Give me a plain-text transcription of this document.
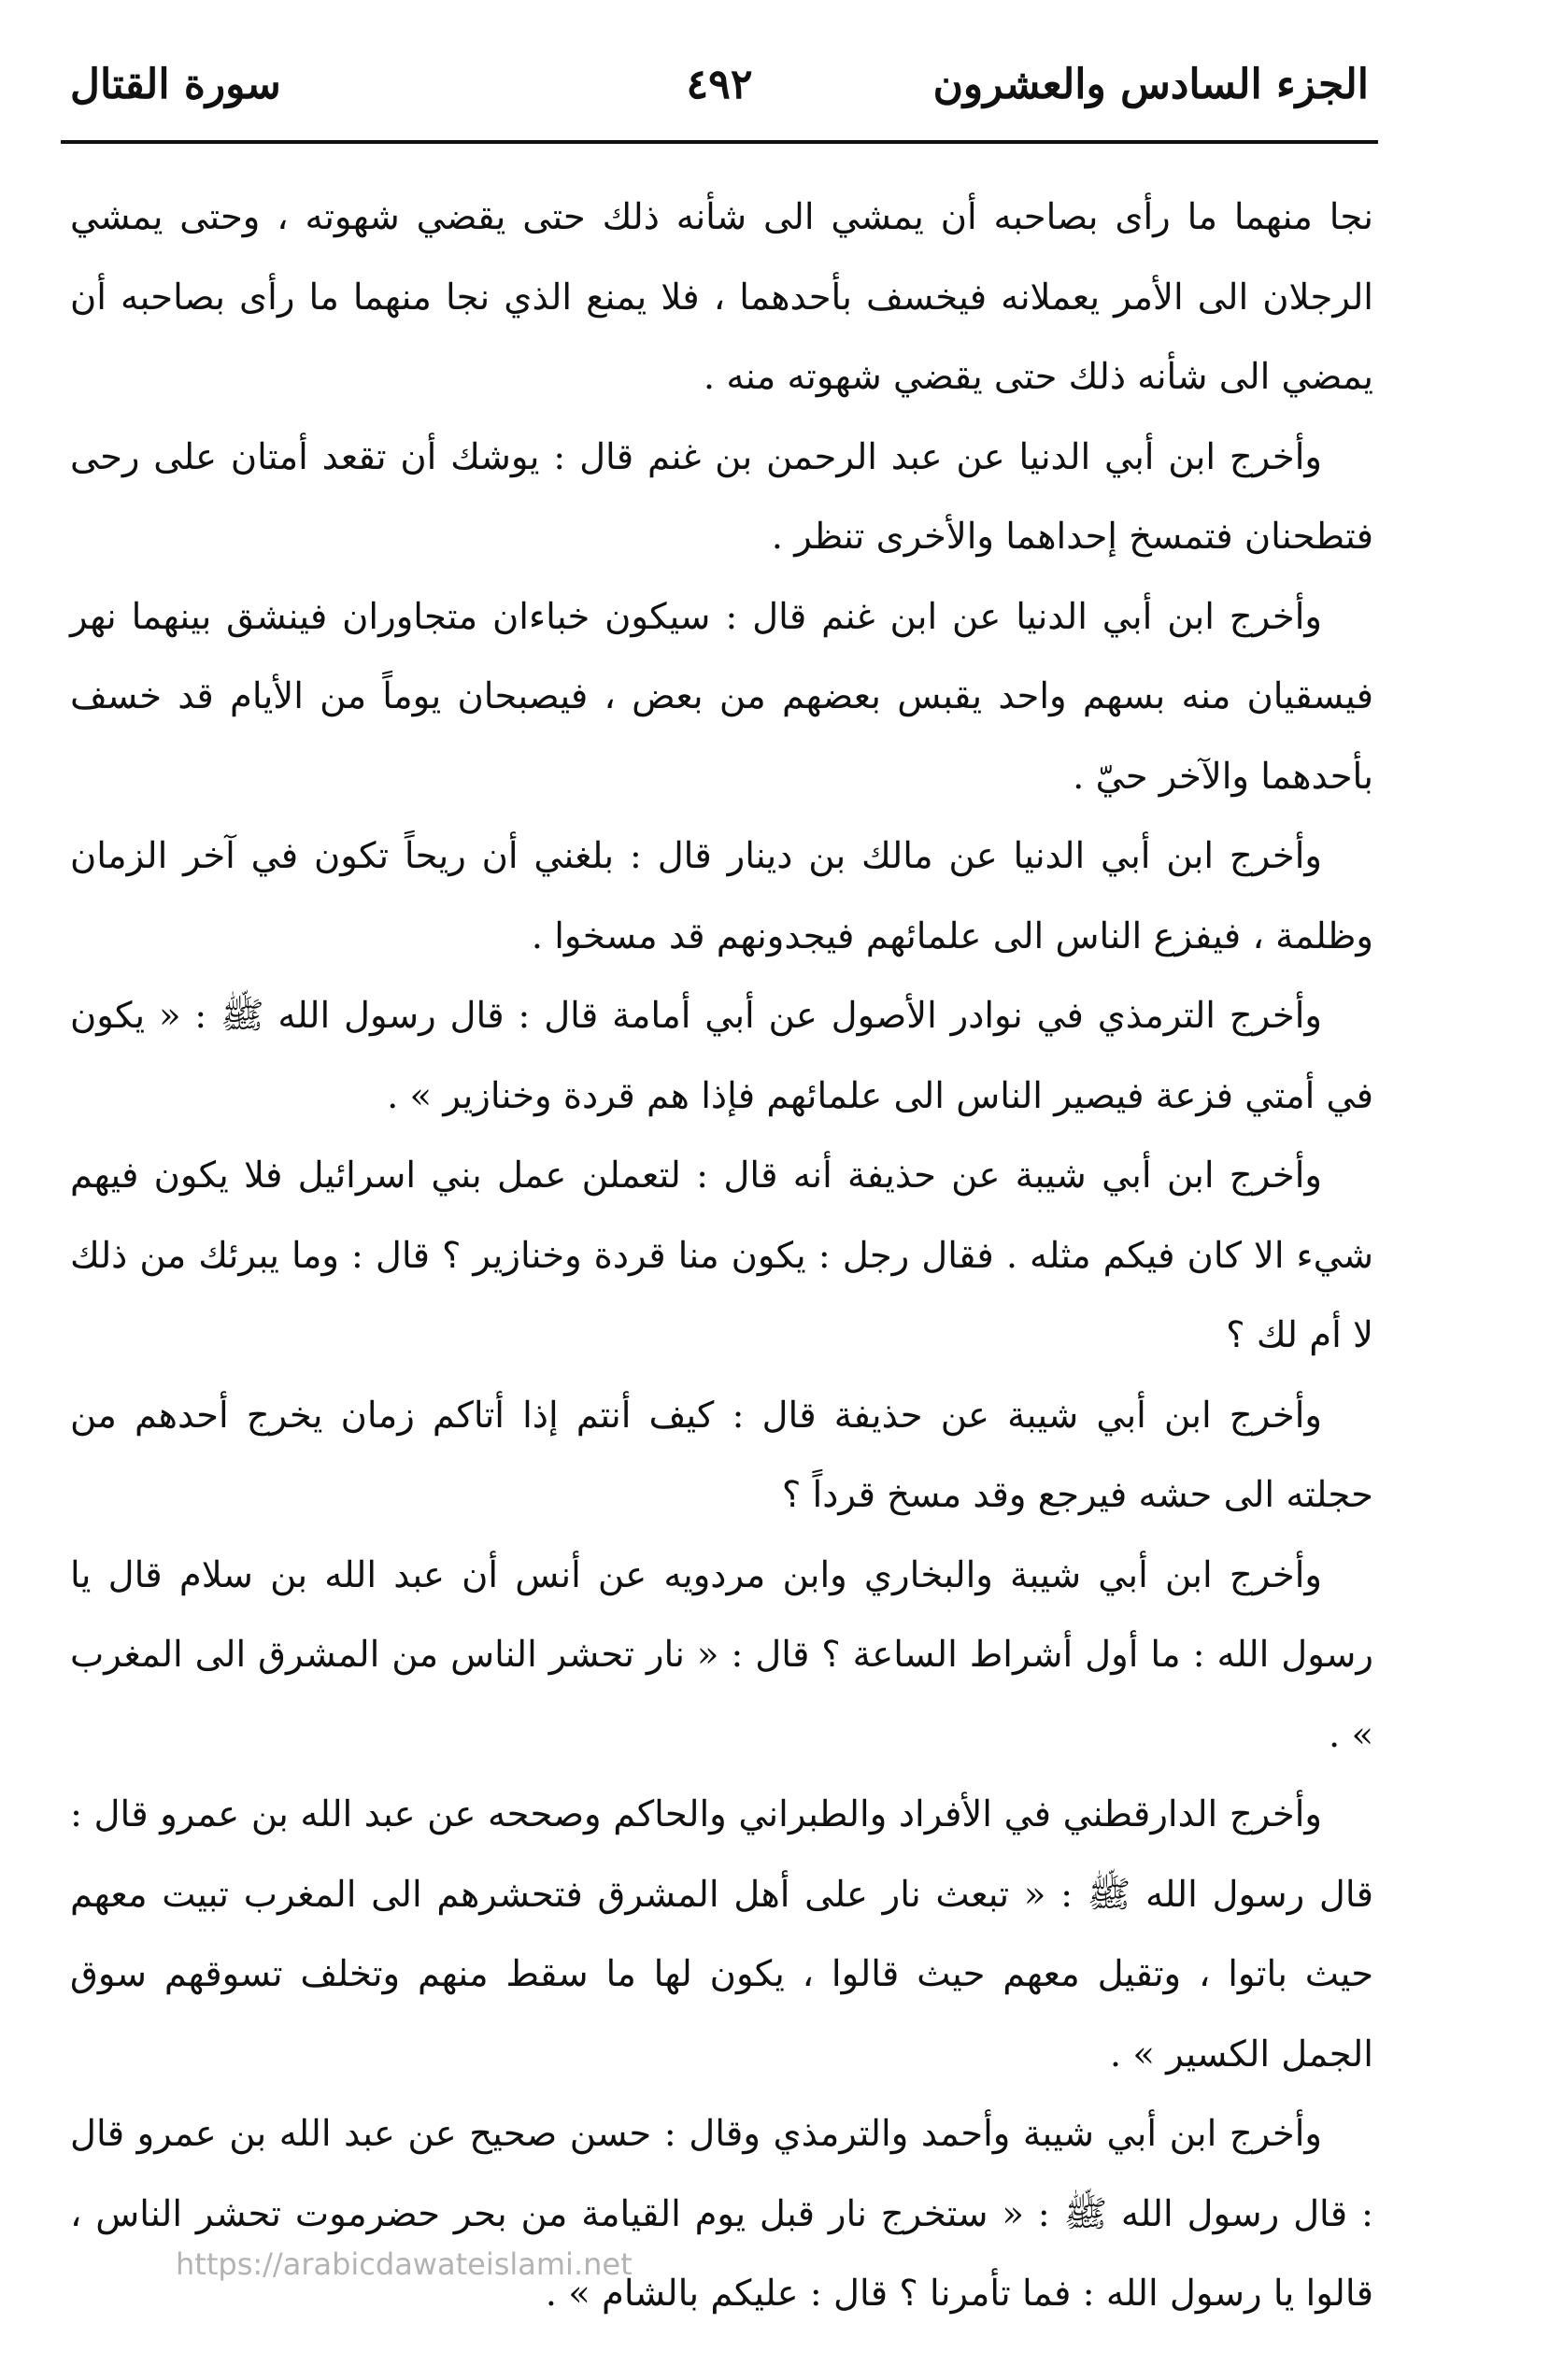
الجزء السادس والعشرون
٤٩٢
سورة القتال

نجا منهما ما رأى بصاحبه أن يمشي الى شأنه ذلك حتى يقضي شهوته ، وحتى يمشي الرجلان الى الأمر يعملانه فيخسف بأحدهما ، فلا يمنع الذي نجا منهما ما رأى بصاحبه أن يمضي الى شأنه ذلك حتى يقضي شهوته منه .

وأخرج ابن أبي الدنيا عن عبد الرحمن بن غنم قال : يوشك أن تقعد أمتان على رحى فتطحنان فتمسخ إحداهما والأخرى تنظر .

وأخرج ابن أبي الدنيا عن ابن غنم قال : سيكون خباءان متجاوران فينشق بينهما نهر فيسقيان منه بسهم واحد يقبس بعضهم من بعض ، فيصبحان يوماً من الأيام قد خسف بأحدهما والآخر حيّ .

وأخرج ابن أبي الدنيا عن مالك بن دينار قال : بلغني أن ريحاً تكون في آخر الزمان وظلمة ، فيفزع الناس الى علمائهم فيجدونهم قد مسخوا .

وأخرج الترمذي في نوادر الأصول عن أبي أمامة قال : قال رسول الله ﷺ : « يكون في أمتي فزعة فيصير الناس الى علمائهم فإذا هم قردة وخنازير » .

وأخرج ابن أبي شيبة عن حذيفة أنه قال : لتعملن عمل بني اسرائيل فلا يكون فيهم شيء الا كان فيكم مثله . فقال رجل : يكون منا قردة وخنازير ؟ قال : وما يبرئك من ذلك لا أم لك ؟

وأخرج ابن أبي شيبة عن حذيفة قال : كيف أنتم إذا أتاكم زمان يخرج أحدهم من حجلته الى حشه فيرجع وقد مسخ قرداً ؟

وأخرج ابن أبي شيبة والبخاري وابن مردويه عن أنس أن عبد الله بن سلام قال يا رسول الله : ما أول أشراط الساعة ؟ قال : « نار تحشر الناس من المشرق الى المغرب » .

وأخرج الدارقطني في الأفراد والطبراني والحاكم وصححه عن عبد الله بن عمرو قال : قال رسول الله ﷺ : « تبعث نار على أهل المشرق فتحشرهم الى المغرب تبيت معهم حيث باتوا ، وتقيل معهم حيث قالوا ، يكون لها ما سقط منهم وتخلف تسوقهم سوق الجمل الكسير » .

وأخرج ابن أبي شيبة وأحمد والترمذي وقال : حسن صحيح عن عبد الله بن عمرو قال : قال رسول الله ﷺ : « ستخرج نار قبل يوم القيامة من بحر حضرموت تحشر الناس ، قالوا يا رسول الله : فما تأمرنا ؟ قال : عليكم بالشام » .

https://arabicdawateislami.net
